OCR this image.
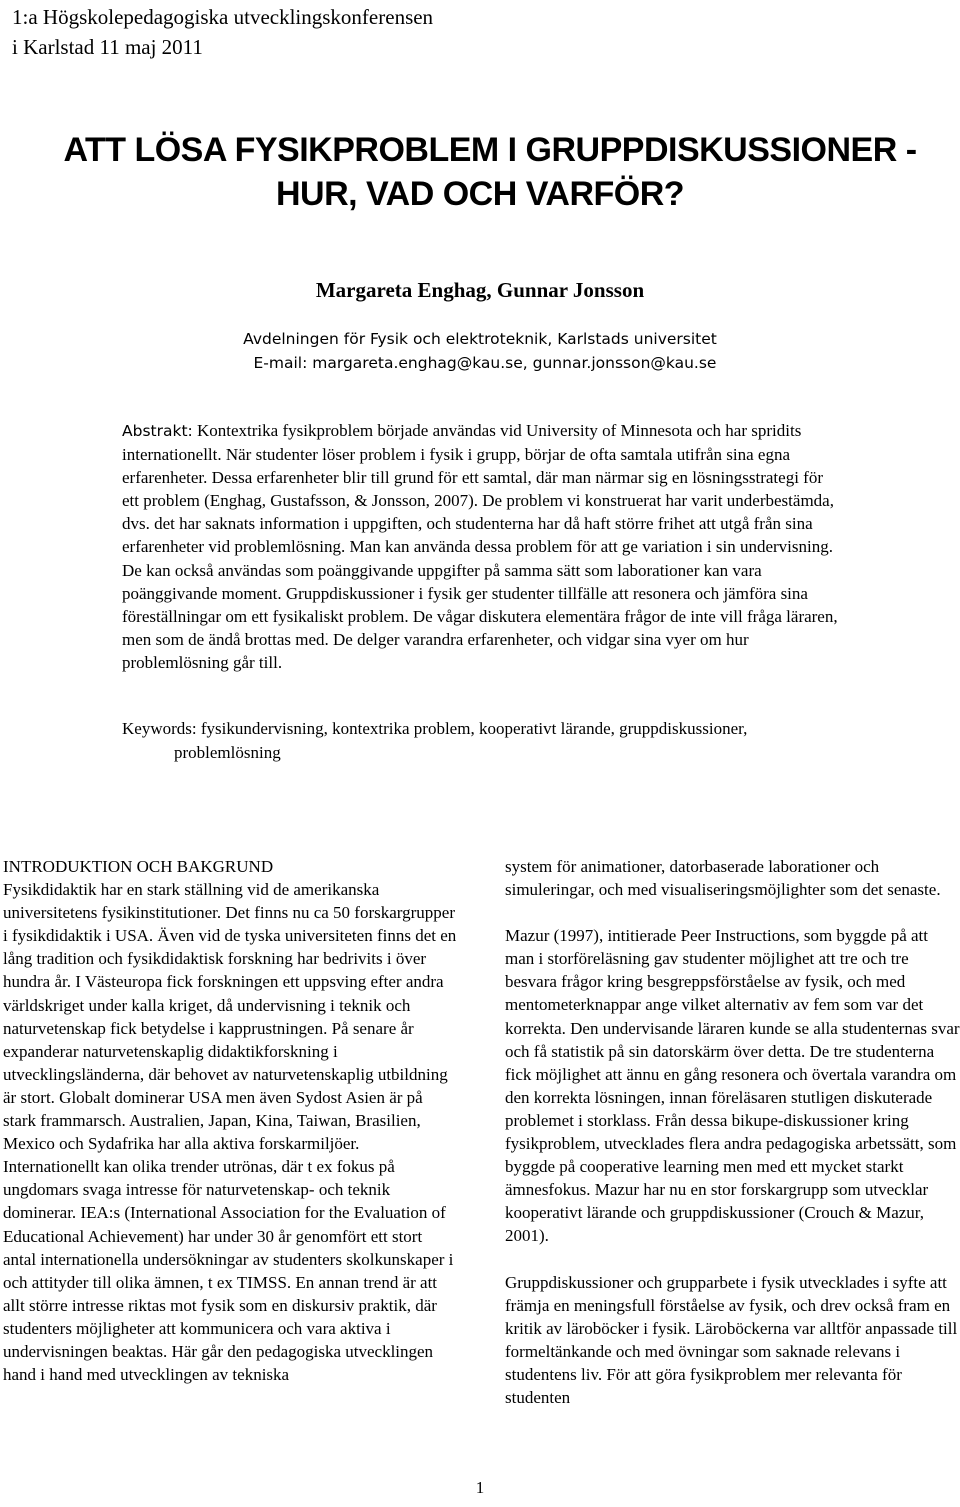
1:a Högskolepedagogiska utvecklingskonferensen
i Karlstad 11 maj 2011
ATT LÖSA FYSIKPROBLEM I GRUPPDISKUSSIONER -
HUR, VAD OCH VARFÖR?
Margareta Enghag, Gunnar Jonsson
Avdelningen för Fysik och elektroteknik, Karlstads universitet
E-mail: margareta.enghag@kau.se, gunnar.jonsson@kau.se
Abstrakt: Kontextrika fysikproblem började användas vid University of Minnesota och har spridits internationellt. När studenter löser problem i fysik i grupp, börjar de ofta samtala utifrån sina egna erfarenheter. Dessa erfarenheter blir till grund för ett samtal, där man närmar sig en lösningsstrategi för ett problem (Enghag, Gustafsson, & Jonsson, 2007). De problem vi konstruerat har varit underbestämda, dvs. det har saknats information i uppgiften, och studenterna har då haft större frihet att utgå från sina erfarenheter vid problemlösning. Man kan använda dessa problem för att ge variation i sin undervisning. De kan också användas som poänggivande uppgifter på samma sätt som laborationer kan vara poänggivande moment. Gruppdiskussioner i fysik ger studenter tillfälle att resonera och jämföra sina föreställningar om ett fysikaliskt problem. De vågar diskutera elementära frågor de inte vill fråga läraren, men som de ändå brottas med. De delger varandra erfarenheter, och vidgar sina vyer om hur problemlösning går till.
Keywords: fysikundervisning, kontextrika problem, kooperativt lärande, gruppdiskussioner,
problemlösning
INTRODUKTION OCH BAKGRUND

Fysikdidaktik har en stark ställning vid de amerikanska universitetens fysikinstitutioner. Det finns nu ca 50 forskargrupper i fysikdidaktik i USA. Även vid de tyska universiteten finns det en lång tradition och fysikdidaktisk forskning har bedrivits i över hundra år. I Västeuropa fick forskningen ett uppsving efter andra världskriget under kalla kriget, då undervisning i teknik och naturvetenskap fick betydelse i kapprustningen. På senare år expanderar naturvetenskaplig didaktikforskning i utvecklingsländerna, där behovet av naturvetenskaplig utbildning är stort. Globalt dominerar USA men även Sydost Asien är på stark frammarsch. Australien, Japan, Kina, Taiwan, Brasilien, Mexico och Sydafrika har alla aktiva forskarmiljöer. Internationellt kan olika trender utrönas, där t ex fokus på ungdomars svaga intresse för naturvetenskap- och teknik dominerar. IEA:s (International Association for the Evaluation of Educational Achievement) har under 30 år genomfört ett stort antal internationella undersökningar av studenters skolkunskaper i och attityder till olika ämnen, t ex TIMSS. En annan trend är att allt större intresse riktas mot fysik som en diskursiv praktik, där studenters möjligheter att kommunicera och vara aktiva i undervisningen beaktas. Här går den pedagogiska utvecklingen hand i hand med utvecklingen av tekniska

system för animationer, datorbaserade laborationer och simuleringar, och med visualiseringsmöjlighter som det senaste.

Mazur (1997), intitierade Peer Instructions, som byggde på att man i storföreläsning gav studenter möjlighet att tre och tre besvara frågor kring besgreppsförståelse av fysik, och med mentometerknappar ange vilket alternativ av fem som var det korrekta. Den undervisande läraren kunde se alla studenternas svar och få statistik på sin datorskärm över detta. De tre studenterna fick möjlighet att ännu en gång resonera och övertala varandra om den korrekta lösningen, innan föreläsaren stutligen diskuterade problemet i storklass. Från dessa bikupe-diskussioner kring fysikproblem, utvecklades flera andra pedagogiska arbetssätt, som byggde på cooperative learning men med ett mycket starkt ämnesfokus. Mazur har nu en stor forskargrupp som utvecklar kooperativt lärande och gruppdiskussioner (Crouch & Mazur, 2001).

Gruppdiskussioner och grupparbete i fysik utvecklades i syfte att främja en meningsfull förståelse av fysik, och drev också fram en kritik av läroböcker i fysik. Läroböckerna var alltför anpassade till formeltänkande och med övningar som saknade relevans i studentens liv. För att göra fysikproblem mer relevanta för studenten

1
